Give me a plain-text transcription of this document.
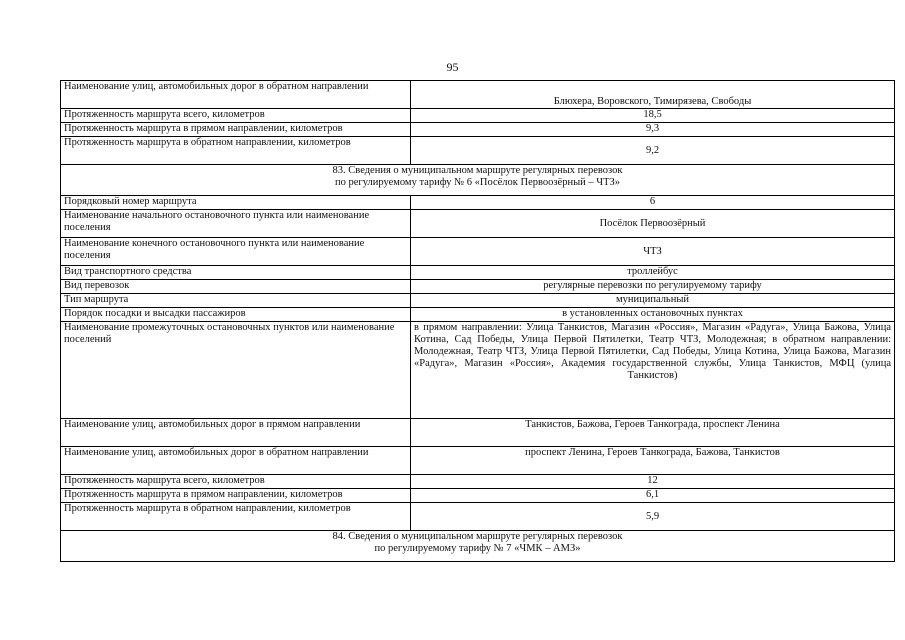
95
Наименование улиц, автомобильных дорог в обратном направлении	Блюхера, Воровского, Тимирязева, Свободы
Протяженность маршрута всего, километров	18,5
Протяженность маршрута в прямом направлении, километров	9,3
Протяженность маршрута в обратном направлении, километров	9,2

83. Сведения о муниципальном маршруте регулярных перевозок
по регулируемому тарифу № 6 «Посёлок Первоозёрный – ЧТЗ»	

Порядковый номер маршрута	6
Наименование начального остановочного пункта или наименование поселения	Посёлок Первоозёрный
Наименование конечного остановочного пункта или наименование поселения	ЧТЗ
Вид транспортного средства	троллейбус
Вид перевозок	регулярные перевозки по регулируемому тарифу
Тип маршрута	муниципальный
Порядок посадки и высадки пассажиров	в установленных остановочных пунктах
Наименование промежуточных остановочных пунктов или наименование поселений	в прямом направлении: Улица Танкистов, Магазин «Россия», Магазин «Радуга», Улица Бажова, Улица Котина, Сад Победы, Улица Первой Пятилетки, Театр ЧТЗ, Молодежная; в обратном направлении: Молодежная, Театр ЧТЗ, Улица Первой Пятилетки, Сад Победы, Улица Котина, Улица Бажова, Магазин «Радуга», Магазин «Россия», Академия государственной службы, Улица Танкистов, МФЦ (улица Танкистов)
Наименование улиц, автомобильных дорог в прямом направлении	Танкистов, Бажова, Героев Танкограда, проспект Ленина
Наименование улиц, автомобильных дорог в обратном направлении	проспект Ленина, Героев Танкограда, Бажова, Танкистов
Протяженность маршрута всего, километров	12
Протяженность маршрута в прямом направлении, километров	6,1
Протяженность маршрута в обратном направлении, километров	5,9

84. Сведения о муниципальном маршруте регулярных перевозок
по регулируемому тарифу № 7 «ЧМК – АМЗ»	
